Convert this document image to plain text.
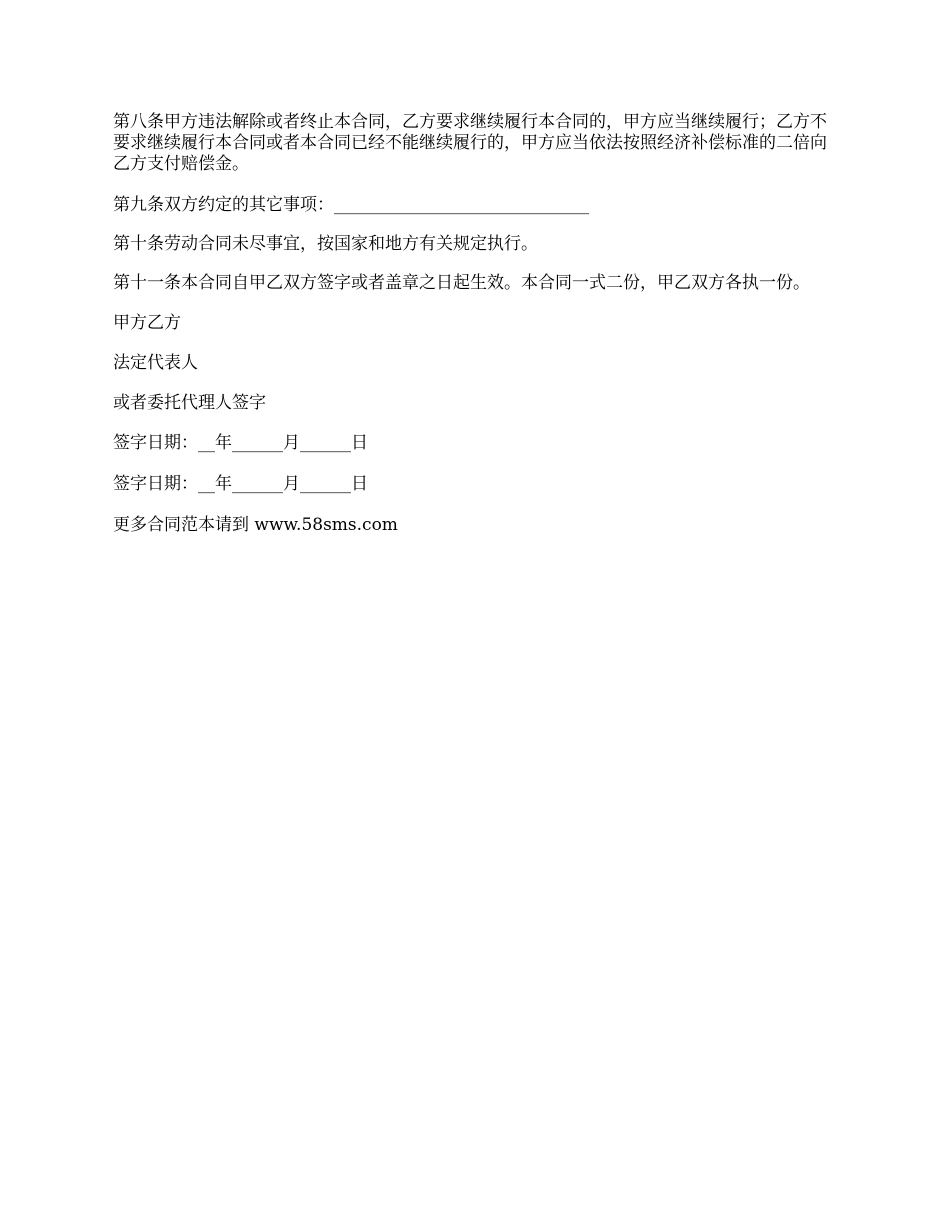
第八条甲方违法解除或者终止本合同，乙方要求继续履行本合同的，甲方应当继续履行；乙方不要求继续履行本合同或者本合同已经不能继续履行的，甲方应当依法按照经济补偿标准的二倍向乙方支付赔偿金。

第九条双方约定的其它事项：______________________________

第十条劳动合同未尽事宜，按国家和地方有关规定执行。

第十一条本合同自甲乙双方签字或者盖章之日起生效。本合同一式二份，甲乙双方各执一份。

甲方乙方

法定代表人

或者委托代理人签字

签字日期：__年______月______日

签字日期：__年______月______日

更多合同范本请到 www.58sms.com
